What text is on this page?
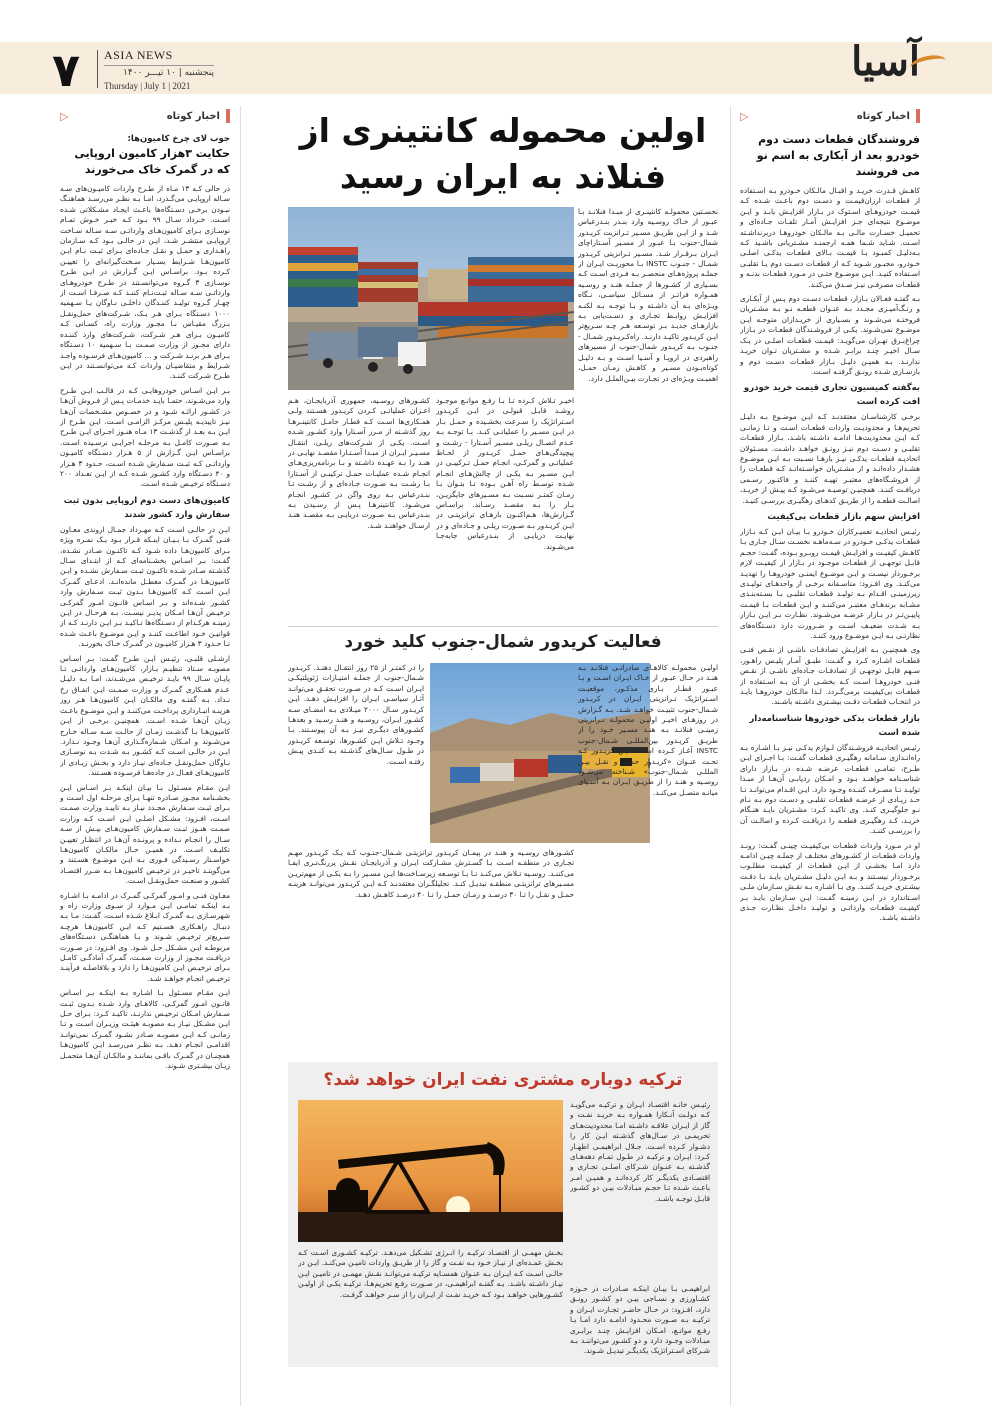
۷ ASIA NEWS
پنجشنبه | ۱۰ تیـــر ۱۴۰۰
Thursday | July 1 | 2021
آسیا
اخبار کوتاه
▷
جوب لای چرخ کامیون‌ها:
حکایت ۳هزار کامیون اروپایی که در گمرک خاک می‌خورند
در حالی کـه ۱۳ مـاه از طـرح واردات کامیـون‌های سـه سـاله اروپایـی می‌گـذرد، امـا بـه نظـر می‌رسـد هماهنـگ نبـودن برخـی دسـتگاه‌ها باعـث ایجـاد مشـکلاتی شـده اسـت. خـرداد سـال ۹۹ بـود کـه خبـر خـوش تمـام نوسـازی بـرای کامیون‌هـای وارداتـی سـه سـاله سـاخت اروپایـی منتشـر شـد، ایـن در حالـی بـود کـه سـازمان راهـداری و حمـل و نقـل جـاده‌ای بـرای ثبـت نـام ایـن کامیون‌هـا شـرایط بسـیار سـخت‌گیرانه‌ای را تعییـن کـرده بـود. براسـاس ایـن گـزارش در ایـن طـرح نوسـازی ۳ گـروه می‌توانسـتند در طـرح خودروهـای وارداتـی سـه سـاله ثبـت‌نـام کننـد کـه صـرفـا اسـت از چهـار گـروه تولیـد کننـدگان داخلـی نـاوگان یـا سـهمیه ۱۰۰۰ دسـتگاه بـرای هـر یـک، شـرکت‌های حمل‌ونقـل بـزرگ مقیـاس بـا مجـوز وزارت راه، کسـانی کـه کامیـون بـرای هـر شـرکت، شـرکت‌های وارد کننـده دارای مجـوز از وزارت صمـت بـا سـهمیه ۱۰ دسـتگاه بـرای هـر برنـد شـرکت و ... کامیون‌هـای فرسـوده واجـد شـرایط و متقاضیـان واردات کـه می‌توانسـتند در ایـن طـرح شـرکت کننـد.
بـر ایـن اسـاس خودروهایـی کـه در قالـب ایـن طـرح وارد می‌شـوند، حتمـا بایـد خدمـات پـس از فـروش آن‌هـا در کشـور ارائـه شـود و در خصـوص مشـخصات آن‌هـا نیـز تاییدیـه پلیـس مرکـز الزامـی اسـت. ایـن طـرح از ایـن بـه بعـد از گذشـت ۱۳ مـاه هنـوز اجـرای ایـن طـرح بـه صـورت کامـل بـه مرحلـه اجرایـی نرسـیده اسـت. براسـاس ایـن گـزارش از ۵ هـزار دسـتگاه کامیـون وارداتـی کـه ثبـت سـفارش شـده اسـت، حـدود ۳ هـزار و ۴۰ دسـتگاه وارد کشـور شـده کـه از ایـن تعـداد ۲۰۰ دسـتگاه ترخیـص شـده اسـت.
کامیون‌های دست دوم اروپایی بدون ثبت سفارش وارد کشور شدند
ایـن در حالـی اسـت کـه مهـرداد جمـال اروندی معـاون فنـی گمـرک بـا بـیـان اینـکه قـرار بـود یـک نمـره ویژه بـرای کامیون‌هـا داده شـود کـه تاکنـون صـادر نشـده، گفـت: بـر اسـاس بخشـنامه‌ای کـه از ابتـدای سـال گذشـته صـادر شـده تاکنـون ثبـت سـفارش نشـده و ایـن کامیون‌هـا در گمـرک معطـل مانده‌انـد. ادعـای گمـرک ایـن اسـت کـه کامیون‌هـا بـدون ثبـت سـفارش وارد کشـور شـده‌اند و بـر اسـاس قانـون امـور گمرکـی ترخیـص آن‌هـا امـکان پذیـر نیسـت. بـه هرحـال در ایـن زمینـه هرکـدام از دسـتگاه‌ها تـاکیـد بـر ایـن دارنـد کـه از قوانیـن خـود اطاعـت کننـد و ایـن موضـوع باعـث شـده تـا حـدود ۳ هـزار کامیـون در گمـرک خـاک بخورنـد.
ارشـلی قلبـی، رئیـس ایـن طـرح گفـت: بـر اسـاس مصوبـه سـتاد تنظیـم بـازار، کامیون‌هـای وارداتـی تـا پایـان سـال ۹۹ بایـد ترخیـص می‌شـدند، امـا بـه دلیـل عـدم همـکاری گمـرک و وزارت صمـت ایـن اتفـاق رخ نـداد. بـه گفتـه وی مالکـان ایـن کامیون‌هـا هـر روز هزینـه انبـارداری پرداخـت می‌کننـد و ایـن موضـوع باعـث زیـان آن‌هـا شـده اسـت. همچنیـن برخـی از ایـن کامیون‌هـا بـا گذشـت زمـان از حالـت سـه سـاله خـارج می‌شـوند و امـکان شـماره‌گـذاری آن‌هـا وجـود نـدارد. ایـن در حالـی اسـت کـه کشـور بـه شـدت بـه نوسـازی نـاوگان حمل‌ونقـل جـاده‌ای نیـاز دارد و بخـش زیـادی از کامیون‌هـای فعـال در جاده‌هـا فرسـوده هسـتند.
ایـن مقـام مسـئول بـا بیـان اینکـه بـر اسـاس ایـن بخشـنامه مجـوز صـادره تنهـا بـرای مرحلـه اول اسـت و بـرای ثبـت سـفارش مجـدد نیـاز بـه تاییـد وزارت صمـت اسـت، افـزود: مشـکل اصلـی ایـن اسـت کـه وزارت صمـت هنـوز ثبـت سـفارش کامیون‌هـای بیـش از سـه سـال را انجـام نـداده و پرونـده آن‌هـا در انتظـار تعییـن تکلیـف اسـت. در همیـن حـال مالکـان کامیون‌هـا خواسـتار رسـیدگی فـوری بـه ایـن موضـوع هسـتند و می‌گوینـد تاخیـر در ترخیـص کامیون‌هـا بـه ضـرر اقتصـاد کشـور و صنعـت حمل‌ونقـل اسـت.
معـاون فنـی و امـور گمرکـی گمـرک در ادامـه بـا اشـاره بـه اینکـه تمامـی ایـن مـوارد از سـوی وزارت راه و شهرسـازی بـه گمـرک ابـلاغ شـده اسـت، گفـت: مـا بـه دنبـال راهـکاری هسـتیم کـه ایـن کامیون‌هـا هرچـه سـریع‌تر ترخیـص شـوند و بـا هماهنگـی دسـتگاه‌های مربوطـه ایـن مشـکل حـل شـود. وی افـزود: در صـورت دریافـت مجـوز از وزارت صمـت، گمـرک آمادگـی کامـل بـرای ترخیـص ایـن کامیون‌هـا را دارد و بلافاصلـه فرآینـد ترخیـص انجـام خواهـد شـد.
ایـن مقـام مسـئول بـا اشـاره بـه اینکـه بـر اسـاس قانـون امـور گمرکـی، کالاهـای وارد شـده بـدون ثبـت سـفارش امـکان ترخیـص ندارنـد، تاکیـد کـرد: بـرای حـل ایـن مشـکل نیـاز بـه مصوبـه هیئـت وزیـران اسـت و تـا زمانـی کـه ایـن مصوبـه صـادر نشـود گمـرک نمی‌توانـد اقدامـی انجـام دهـد. بـه نظـر می‌رسـد ایـن کامیون‌هـا همچنـان در گمـرک باقـی بماننـد و مالکـان آن‌هـا متحمـل زیـان بیشـتری شـوند.
اخبار کوتاه
▷
فروشندگان قطعات دست دوم خودرو بعد از آبکاری به اسم نو می فروشند
کاهـش قـدرت خریـد و اقبـال مالـکان خـودرو بـه اسـتفاده از قطعـات ارزان‌قیمـت و دسـت دوم باعـث شـده کـه قیمـت خودروهـای اسـتوک در بـازار افزایـش یابـد و ایـن موضـوع نتیجه‌ای جـز افزایـش آمـار تلفـات جـاده‌ای و تحمیـل خسـارت مالـی بـه مالـکان خودروهـا دربرنداشـته اسـت. شـاید شـما همـه ارجمنـد مشـتریانی باشـید کـه بـه‌دلیـل کمبـود یـا قیمـت بـالای قطعـات یدکـی اصلـی خـودرو، مجبـور شـوید کـه از قطعـات دسـت دوم یـا تقلبـی اسـتفاده کنیـد. ایـن موضـوع حتـی در مـورد قطعـات بدنـه و قطعـات مصرفـی نیـز صـدق می‌کنـد.
بـه گفتـه فعـالان بـازار، قطعـات دسـت دوم پـس از آبکـاری و رنـگ‌آمیـزی مجـدد بـه عنـوان قطعـه نـو بـه مشـتریان فروختـه می‌شـوند و بسـیاری از خریـداران متوجـه ایـن موضـوع نمی‌شـوند. یکـی از فروشـندگان قطعـات در بـازار چراغ‌بـرق تهـران می‌گویـد: قیمـت قطعـات اصلـی در یـک سـال اخیـر چنـد برابـر شـده و مشـتریان تـوان خریـد ندارنـد. بـه همیـن دلیـل بـازار قطعـات دسـت دوم و بازسـازی شـده رونـق گرفتـه اسـت.
به‌گفته کمیسیون تجاری قیمت خرید خودرو افت کرده است
برخـی کارشناسـان معتقدنـد کـه ایـن موضـوع بـه دلیـل تحریم‌هـا و محدودیـت واردات قطعـات اسـت و تـا زمانـی کـه ایـن محدودیت‌هـا ادامـه داشـته باشـد، بـازار قطعـات تقلبـی و دسـت دوم نیـز رونـق خواهـد داشـت. مسـئولان اتحادیـه قطعـات یدکـی نیـز بارهـا نسـبت بـه ایـن موضـوع هشـدار داده‌انـد و از مشـتریان خواسـته‌انـد کـه قطعـات را از فروشـگاه‌های معتبـر تهیـه کننـد و فاکتـور رسـمی دریافـت کننـد. همچنیـن توصیـه می‌شـود کـه پیـش از خریـد، اصالـت قطعـه را از طریـق کدهـای رهگیـری بررسـی کنیـد.
افزایش سهم بازار قطعات بی‌کیفیت
رئیـس اتحادیـه تعمیـرکاران خـودرو بـا بیـان ایـن کـه بـازار قطعـات یدکـی خـودرو در سـه‌ماهـه نخسـت سـال جـاری بـا کاهـش کیفیـت و افزایـش قیمـت روبـرو بـوده، گفـت: حجـم قابـل توجهـی از قطعـات موجـود در بـازار از کیفیـت لازم برخـوردار نیسـت و ایـن موضـوع ایمنـی خودروهـا را تهدیـد می‌کنـد. وی افـزود: متاسـفانه برخـی از واحدهـای تولیـدی زیرزمینـی اقـدام بـه تولیـد قطعـات تقلبـی بـا بسـته‌بنـدی مشـابه برندهـای معتبـر می‌کننـد و ایـن قطعـات بـا قیمـت پاییـن‌تـر در بـازار عرضـه می‌شـوند. نظـارت بـر ایـن بـازار بـه شـدت ضعیـف اسـت و ضـرورت دارد دسـتگاه‌های نظارتـی بـه ایـن موضـوع ورود کننـد.
وی همچنیـن بـه افزایـش تصادفـات ناشـی از نقـص فنـی قطعـات اشـاره کـرد و گفـت: طبـق آمـار پلیـس راهـور، سـهم قابـل توجهـی از تصادفـات جـاده‌ای ناشـی از نقـص فنـی خودروهـا اسـت کـه بخشـی از آن بـه اسـتفاده از قطعـات بی‌کیفیـت برمی‌گـردد. لـذا مالـکان خودروهـا بایـد در انتخـاب قطعـات دقـت بیشـتری داشـته باشـند.
بازار قطعات یدکی خودروها شناسنامه‌دار شده است
رئیـس اتحادیـه فروشـندگان لـوازم یدکـی نیـز بـا اشـاره بـه راه‌انـدازی سـامانه رهگیـری قطعـات گفـت: بـا اجـرای ایـن طـرح، تمامـی قطعـات عرضـه شـده در بـازار دارای شناسـنامه خواهنـد بـود و امـکان ردیابـی آن‌هـا از مبـدا تولیـد تـا مصـرف کننـده وجـود دارد. ایـن اقـدام می‌توانـد تـا حـد زیـادی از عرضـه قطعـات تقلبـی و دسـت دوم بـه نـام نـو جلوگیـری کنـد. وی تاکیـد کـرد: مشـتریان بایـد هنـگام خریـد، کـد رهگیـری قطعـه را دریافـت کـرده و اصالـت آن را بررسـی کننـد.
او در مـورد واردات قطعـات بی‌کیفیـت چینـی گفـت: رونـد واردات قطعـات از کشـورهای مختلـف از جملـه چیـن ادامـه دارد امـا بخشـی از ایـن قطعـات از کیفیـت مطلـوب برخـوردار نیسـتند و بـه ایـن دلیـل مشـتریان بایـد بـا دقـت بیشـتری خریـد کننـد. وی بـا اشـاره بـه نقـش سـازمان ملـی اسـتاندارد در ایـن زمینـه گفـت: ایـن سـازمان بایـد بـر کیفیـت قطعـات وارداتـی و تولیـد داخـل نظـارت جـدی داشـته باشـد.
اولین محموله کانتینری از فنلاند به ایران رسید
نخسـتین محمولـه کانتینـری از مبـدا فنلانـد بـا عبـور از خـاک روسـیه وارد بنـدر بنـدرعباس شـد و از ایـن طریـق مسـیر تـرانزیت کریـدور شمال-جنوب بـا عبـور از مسـیر آسـتاراچای ایـران بـرقـرار شـد. مسـیر تـرانزیتی کریـدور شمـال - جنـوب INSTC بـا محوریـت ایـران از جملـه پروژه‌هـای منحصـر بـه فـردی اسـت کـه بسـیاری از کشـورها از جملـه هنـد و روسـیه همـواره فراتـر از مسـائل سیاسـی، نـگاه ویـژه‌ای بـه آن داشـته و بـا توجـه بـه لکنـه افزایـش روابـط تجـاری و دسـت‌یابی بـه بازارهـای جدیـد بـر توسـعه هـر چـه سـریع‌تر ایـن کریـدور تاکیـد دارنـد. راه‌کـریـدور شمـال - جنـوب بـه کریـدور شمال-جنوب از مسیرهای راهبردی در اروپـا و آسـیا اسـت و بـه دلیـل کوتاه‌بـودن مسـیر و کاهـش زمـان حمـل، اهمیـت ویـژه‌ای در تجـارت بیـن‌الملـل دارد.
اخیـر تـلاش کـرده تـا بـا رفـع موانـع موجـود روشـد قابـل قبولـی در ایـن کریـدور اسـتراتژیک را سـرعت بخشـیده و حمـل بـار در ایـن مسـیر را عملیاتـی کنـد. بـا توجـه بـه عـدم اتصـال ریلـی مسـیر آسـتارا - رشـت و پیچیدگی‌هـای حمـل کریـدور از لحـاظ عملیاتـی و گمرکـی، انجـام حمـل تـرکیبـی در ایـن مسـیر بـه یکـی از چالش‌هـای انجـام شـده توسـط راه آهـن بـوده تـا بتـوان بـا زمـان کمتـر نسـبت بـه مسـیرهای جایگزیـن، بـار را بـه مقصـد رسـاند. براسـاس گـزارش‌ها، هـم‌اکنـون بارهـای ترانزیتـی در ایـن کریـدور بـه صـورت ریلـی و جـاده‌ای و در نهایـت دریایـی از بنـدرعباس جابه‌جـا می‌شـوند.
کشـورهای روسـیه، جمهوری آذربایجـان، هـم اعـزان عملیاتـی کـردن کریـدور هسـتند ولـی همـکاری‌ها اسـت کـه قطـار حامـل کانتینـرهـا روز گذشـته از مـرز آسـتارا وارد کشـور شـده اسـت. یکـی از شـرکت‌های ریلـی، انتقـال مسـیـر ایـران از مبـدا آسـتـارا مقصـد نهایـی در هنـد را بـه عهـده داشـته و بـا برنامه‌ریزی‌هـای انجـام شـده عملیـات حمـل ترکیبـی از آسـتارا بـا رشـت بـه صـورت جـاده‌ای و از رشـت تـا بنـدرعباس بـه روی واگن در کشـور انجـام می‌شـود. کانتینرهـا پـس از رسـیدن بـه بنـدرعباس بـه صـورت دریایـی بـه مقصـد هنـد ارسـال خواهنـد شـد.
فعالیت کریدور شمال-جنوب کلید خورد
اولیـن محمولـه کالاهـای صادراتـی فنلانـد بـه هنـد در حـال عبـور از خـاک ایـران اسـت و بـا عبـور قطـار بـاری مذکـور، موقعیـت اسـتراتژیک تـرانزیتی ایـران در کریـدور شـمال-جنوب تثبیـت خواهـد شـد. بـه گـزارش در روزهـای اخیـر اولیـن محمولـه تـرانزیتی زمینـی فنلانـد بـه هنـد مسـیر خـود را از طریـق کریـدور بین‌المللـی شـمال-جنوب INSTC آغـاز کـرده اسـت. ایـن کریـدور کـه تحـت عنـوان «کریـدور حمـل و نقـل بیـن المللـی شـمال-جنوب» شـناخته می‌شـود روسـیه و هنـد را از طریـق ایـران بـه آسـیای میانـه متصـل می‌کنـد.
را در کمتـر از ۲۵ روز انتقـال دهنـد. کریـدور شـمال-جنوب از جملـه امتیـازات ژئوپلتیکـی ایـران اسـت کـه در صـورت تحقـق می‌توانـد آثـار سیاسـی ایـران را افزایـش دهـد. ایـن کریـدور سـال ۲۰۰۰ میـلادی بـه امضـای سـه کشـور ایـران، روسـیه و هنـد رسـید و بعدهـا کشـورهای دیگـری نیـز بـه آن پیوسـتند. بـا وجـود تـلاش ایـن کشـورها، توسـعه کریـدور در طـول سـال‌های گذشـته بـه کنـدی پیـش رفتـه اسـت.
کشـورهای روسـیه و هنـد در پیمـان کریـدور ترانزیتـی شـمال-جنـوب کـه یـک کریـدور مهـم تجـاری در منطقـه اسـت بـا گسـترش مشـارکت ایـران و آذربایجـان نقـش پررنگ‌تـری ایفـا می‌کننـد. روسـیه تـلاش می‌کنـد تـا بـا توسـعه زیرسـاخت‌ها ایـن مسـیر را بـه یکـی از مهم‌تریـن مسـیرهای ترانزیتـی منطقـه تبدیـل کنـد. تحلیلگـران معتقدنـد کـه ایـن کریـدور می‌توانـد هزینـه حمـل و نقـل را تـا ۳۰ درصـد و زمـان حمـل را تـا ۴۰ درصـد کاهـش دهـد.
ترکیه دوباره مشتری نفت ایران خواهد شد؟
رئیـس خانـه اقتصـاد ایـران و ترکیـه می‌گویـد کـه دولـت آنـکارا همـواره بـه خریـد نفـت و گاز از ایـران علاقـه داشـته امـا محدودیت‌هـای تحریمـی در سـال‌های گذشـته ایـن کار را دشـوار کـرده اسـت. جـلال ابراهیمـی اظهـار کـرد: ایـران و ترکیـه در طـول تمـام دهه‌هـای گذشـته بـه عنـوان شـرکای اصلـی تجـاری و اقتصـادی یکدیگـر کار کرده‌انـد و همیـن امـر باعـث شـده تـا حجـم مبـادلات بیـن دو کشـور قابـل توجـه باشـد.
بخـش مهمـی از اقتصـاد ترکیـه را انـرژی تشـکیل می‌دهـد. ترکیـه کشـوری اسـت کـه بخـش عمـده‌ای از نیـاز خـود بـه نفـت و گاز را از طریـق واردات تامیـن می‌کنـد. ایـن در حالـی اسـت کـه ایـران بـه عنـوان همسـایه ترکیـه می‌توانـد نقـش مهمـی در تامیـن ایـن نیـاز داشـته باشـد. بـه گفتـه ابراهیمـی، در صـورت رفـع تحریم‌هـا، ترکیـه یکـی از اولیـن کشـورهایی خواهـد بـود کـه خریـد نفـت از ایـران را از سـر خواهـد گرفـت.
ابراهیمـی بـا بیـان اینکـه صـادرات در حـوزه کشـاورزی و نسـاجی بیـن دو کشـور رونـق دارد، افـزود: در حـال حاضـر تجـارت ایـران و ترکیـه بـه صـورت محـدود ادامـه دارد امـا بـا رفـع موانـع، امـکان افزایـش چنـد برابـری مبـادلات وجـود دارد و دو کشـور می‌تواننـد بـه شـرکای اسـتراتژیک یکدیگـر تبدیـل شـوند.
